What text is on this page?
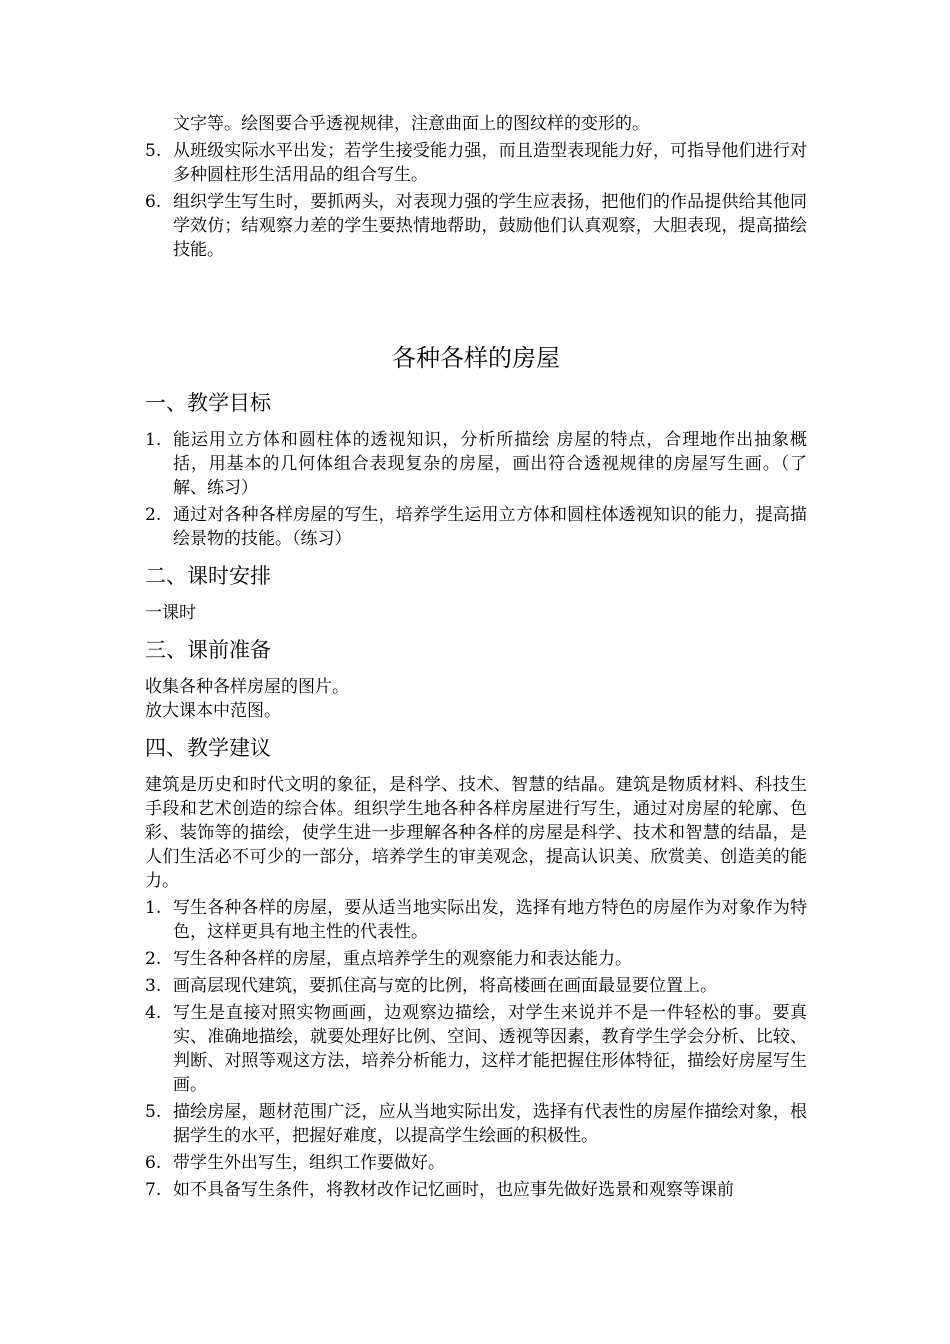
文字等。绘图要合乎透视规律，注意曲面上的图纹样的变形的。

5. 从班级实际水平出发；若学生接受能力强，而且造型表现能力好，可指导他们进行对多种圆柱形生活用品的组合写生。
6. 组织学生写生时，要抓两头，对表现力强的学生应表扬，把他们的作品提供给其他同学效仿；结观察力差的学生要热情地帮助，鼓励他们认真观察，大胆表现，提高描绘技能。
各种各样的房屋
一、教学目标
1. 能运用立方体和圆柱体的透视知识，分析所描绘 房屋的特点，合理地作出抽象概括，用基本的几何体组合表现复杂的房屋，画出符合透视规律的房屋写生画。（了解、练习）
2. 通过对各种各样房屋的写生，培养学生运用立方体和圆柱体透视知识的能力，提高描绘景物的技能。（练习）
二、课时安排

一课时

三、课前准备

收集各种各样房屋的图片。

放大课本中范图。

四、教学建议

建筑是历史和时代文明的象征，是科学、技术、智慧的结晶。建筑是物质材料、科技生手段和艺术创造的综合体。组织学生地各种各样房屋进行写生，通过对房屋的轮廓、色彩、装饰等的描绘，使学生进一步理解各种各样的房屋是科学、技术和智慧的结晶，是人们生活必不可少的一部分，培养学生的审美观念，提高认识美、欣赏美、创造美的能力。

1. 写生各种各样的房屋，要从适当地实际出发，选择有地方特色的房屋作为对象作为特色，这样更具有地主性的代表性。
2. 写生各种各样的房屋，重点培养学生的观察能力和表达能力。
3. 画高层现代建筑，要抓住高与宽的比例，将高楼画在画面最显要位置上。
4. 写生是直接对照实物画画，边观察边描绘，对学生来说并不是一件轻松的事。要真实、准确地描绘，就要处理好比例、空间、透视等因素，教育学生学会分析、比较、判断、对照等观这方法，培养分析能力，这样才能把握住形体特征，描绘好房屋写生画。
5. 描绘房屋，题材范围广泛，应从当地实际出发，选择有代表性的房屋作描绘对象，根据学生的水平，把握好难度，以提高学生绘画的积极性。
6. 带学生外出写生，组织工作要做好。
7. 如不具备写生条件，将教材改作记忆画时，也应事先做好选景和观察等课前
